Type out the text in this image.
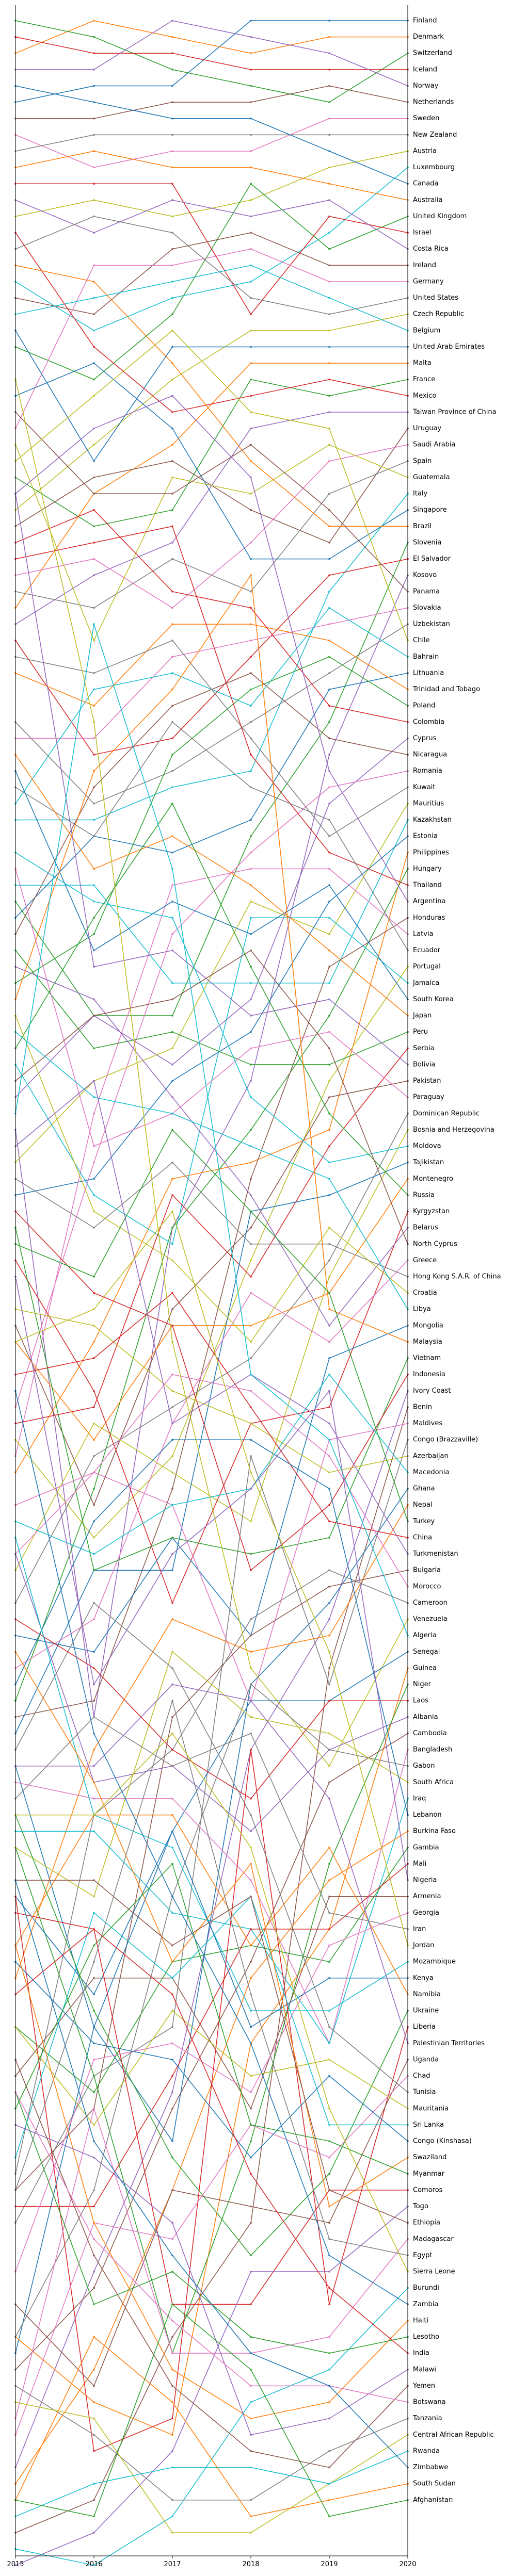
Finland
Denmark
Switzerland
Iceland
Norway
Netherlands
Sweden
New Zealand
Austria
Luxembourg
Canada
Australia
United Kingdom
Israel
Costa Rica
Ireland
Germany
United States
Czech Republic
Belgium
United Arab Emirates
Malta
France
Mexico
Taiwan Province of China
Uruguay
Saudi Arabia
Spain
Guatemala
Italy
Singapore
Brazil
Slovenia
El Salvador
Kosovo
Panama
Slovakia
Uzbekistan
Chile
Bahrain
Lithuania
Trinidad and Tobago
Poland
Colombia
Cyprus
Nicaragua
Romania
Kuwait
Mauritius
Kazakhstan
Estonia
Philippines
Hungary
Thailand
Argentina
Honduras
Latvia
Ecuador
Portugal
Jamaica
South Korea
Japan
Peru
Serbia
Bolivia
Pakistan
Paraguay
Dominican Republic
Bosnia and Herzegovina
Moldova
Tajikistan
Montenegro
Russia
Kyrgyzstan
Belarus
North Cyprus
Greece
Hong Kong S.A.R. of China
Croatia
Libya
Mongolia
Malaysia
Vietnam
Indonesia
Ivory Coast
Benin
Maldives
Congo (Brazzaville)
Azerbaijan
Macedonia
Ghana
Nepal
Turkey
China
Turkmenistan
Bulgaria
Morocco
Cameroon
Venezuela
Algeria
Senegal
Guinea
Niger
Laos
Albania
Cambodia
Bangladesh
Gabon
South Africa
Iraq
Lebanon
Burkina Faso
Gambia
Mali
Nigeria
Armenia
Georgia
Iran
Jordan
Mozambique
Kenya
Namibia
Ukraine
Liberia
Palestinian Territories
Uganda
Chad
Tunisia
Mauritania
Sri Lanka
Congo (Kinshasa)
Swaziland
Myanmar
Comoros
Togo
Ethiopia
Madagascar
Egypt
Sierra Leone
Burundi
Zambia
Haiti
Lesotho
India
Malawi
Yemen
Botswana
Tanzania
Central African Republic
Rwanda
Zimbabwe
South Sudan
Afghanistan
2015	2016	2017	2018	2019	2020
